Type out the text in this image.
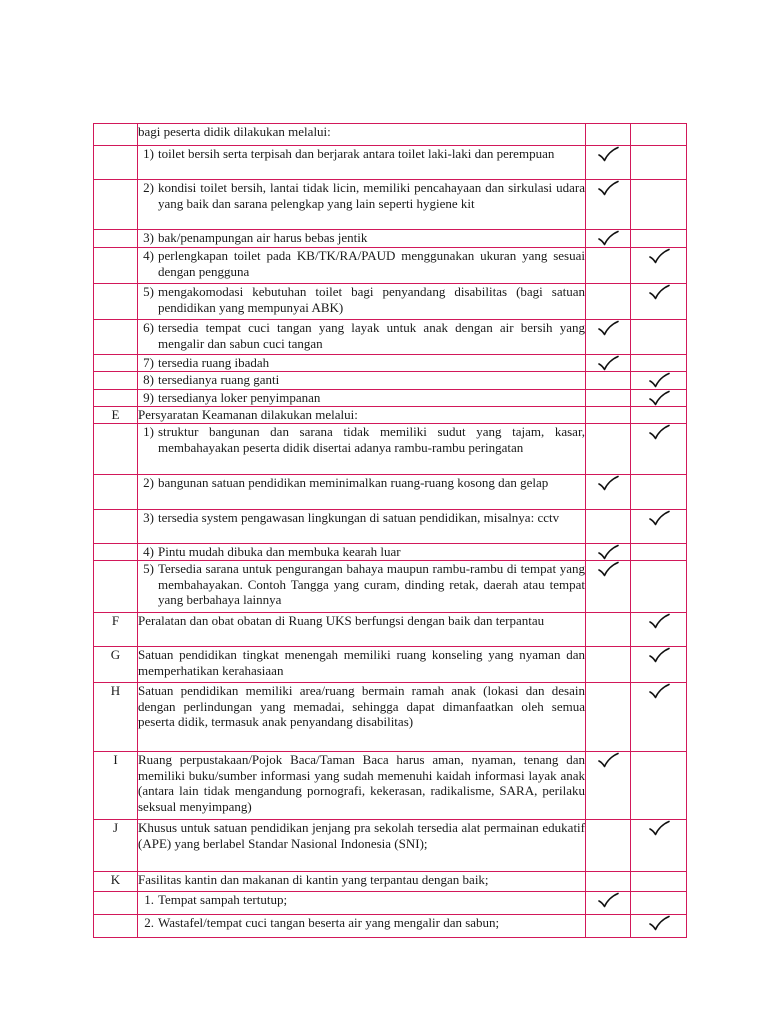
	bagi peserta didik dilakukan melalui:		

	1) toilet bersih serta terpisah dan berjarak antara toilet laki-laki dan perempuan

	2) kondisi toilet bersih, lantai tidak licin, memiliki pencahayaan dan sirkulasi udara yang baik dan sarana pelengkap yang lain seperti hygiene kit

	3) bak/penampungan air harus bebas jentik

	4) perlengkapan toilet pada KB/TK/RA/PAUD menggunakan ukuran yang sesuai dengan pengguna

	5) mengakomodasi kebutuhan toilet bagi penyandang disabilitas (bagi satuan pendidikan yang mempunyai ABK)

	6) tersedia tempat cuci tangan yang layak untuk anak dengan air bersih yang mengalir dan sabun cuci tangan

	7) tersedia ruang ibadah

	8) tersedianya ruang ganti

	9) tersedianya loker penyimpanan

E	Persyaratan Keamanan dilakukan melalui:		

	1) struktur bangunan dan sarana tidak memiliki sudut yang tajam, kasar, membahayakan peserta didik disertai adanya rambu-rambu peringatan

	2) bangunan satuan pendidikan meminimalkan ruang-ruang kosong dan gelap

	3) tersedia system pengawasan lingkungan di satuan pendidikan, misalnya: cctv

	4) Pintu mudah dibuka dan membuka kearah luar

	5) Tersedia sarana untuk pengurangan bahaya maupun rambu-rambu di tempat yang membahayakan. Contoh Tangga yang curam, dinding retak, daerah atau tempat yang berbahaya lainnya

F	Peralatan dan obat obatan di Ruang UKS berfungsi dengan baik dan terpantau		

G	Satuan pendidikan tingkat menengah memiliki ruang konseling yang nyaman dan memperhatikan kerahasiaan		

H	Satuan pendidikan memiliki area/ruang bermain ramah anak (lokasi dan desain dengan perlindungan yang memadai, sehingga dapat dimanfaatkan oleh semua peserta didik, termasuk anak penyandang disabilitas)		

I	Ruang perpustakaan/Pojok Baca/Taman Baca harus aman, nyaman, tenang dan memiliki buku/sumber informasi yang sudah memenuhi kaidah informasi layak anak (antara lain tidak mengandung pornografi, kekerasan, radikalisme, SARA, perilaku seksual menyimpang)	

J	Khusus untuk satuan pendidikan jenjang pra sekolah tersedia alat permainan edukatif (APE) yang berlabel Standar Nasional Indonesia (SNI);		

K	Fasilitas kantin dan makanan di kantin yang terpantau dengan baik;		

	1. Tempat sampah tertutup;

	2. Wastafel/tempat cuci tangan beserta air yang mengalir dan sabun;
